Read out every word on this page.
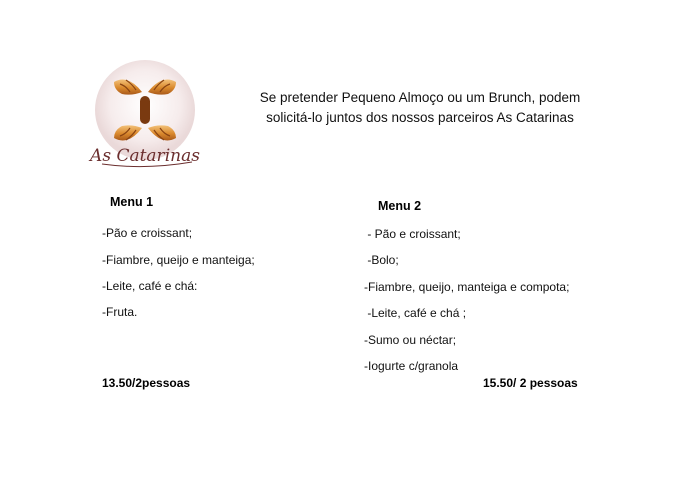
As Catarinas
Se pretender Pequeno Almoço ou um Brunch, podem
solicitá-lo juntos dos nossos parceiros As Catarinas
Menu 1
-Pão e croissant;
-Fiambre, queijo e manteiga;
-Leite, café e chá:
-Fruta.
13.50/2pessoas
Menu 2
- Pão e croissant;
-Bolo;
-Fiambre, queijo, manteiga e compota;
-Leite, café e chá ;
-Sumo ou néctar;
-Iogurte c/granola
15.50/ 2 pessoas
